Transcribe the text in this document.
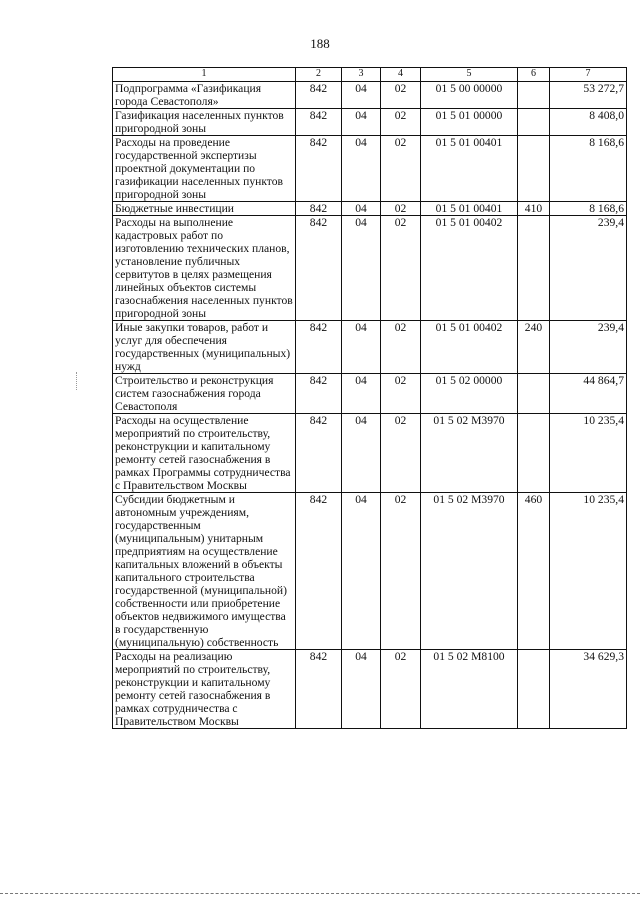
188
1	2	3	4	5	6	7
Подпрограмма «Газификация города Севастополя»	842	04	02	01 5 00 00000		53 272,7
Газификация населенных пунктов пригородной зоны	842	04	02	01 5 01 00000		8 408,0
Расходы на проведение государственной экспертизы проектной документации по газификации населенных пунктов пригородной зоны	842	04	02	01 5 01 00401		8 168,6
Бюджетные инвестиции	842	04	02	01 5 01 00401	410	8 168,6
Расходы на выполнение кадастровых работ по изготовлению технических планов, установление публичных сервитутов в целях размещения линейных объектов системы газоснабжения населенных пунктов пригородной зоны	842	04	02	01 5 01 00402		239,4
Иные закупки товаров, работ и услуг для обеспечения государственных (муниципальных) нужд	842	04	02	01 5 01 00402	240	239,4
Строительство и реконструкция систем газоснабжения города Севастополя	842	04	02	01 5 02 00000		44 864,7
Расходы на осуществление мероприятий по строительству, реконструкции и капитальному ремонту сетей газоснабжения в рамках Программы сотрудничества с Правительством Москвы	842	04	02	01 5 02 М3970		10 235,4
Субсидии бюджетным и автономным учреждениям, государственным (муниципальным) унитарным предприятиям на осуществление капитальных вложений в объекты капитального строительства государственной (муниципальной) собственности или приобретение объектов недвижимого имущества в государственную (муниципальную) собственность	842	04	02	01 5 02 М3970	460	10 235,4
Расходы на реализацию мероприятий по строительству, реконструкции и капитальному ремонту сетей газоснабжения в рамках сотрудничества с Правительством Москвы	842	04	02	01 5 02 М8100		34 629,3
